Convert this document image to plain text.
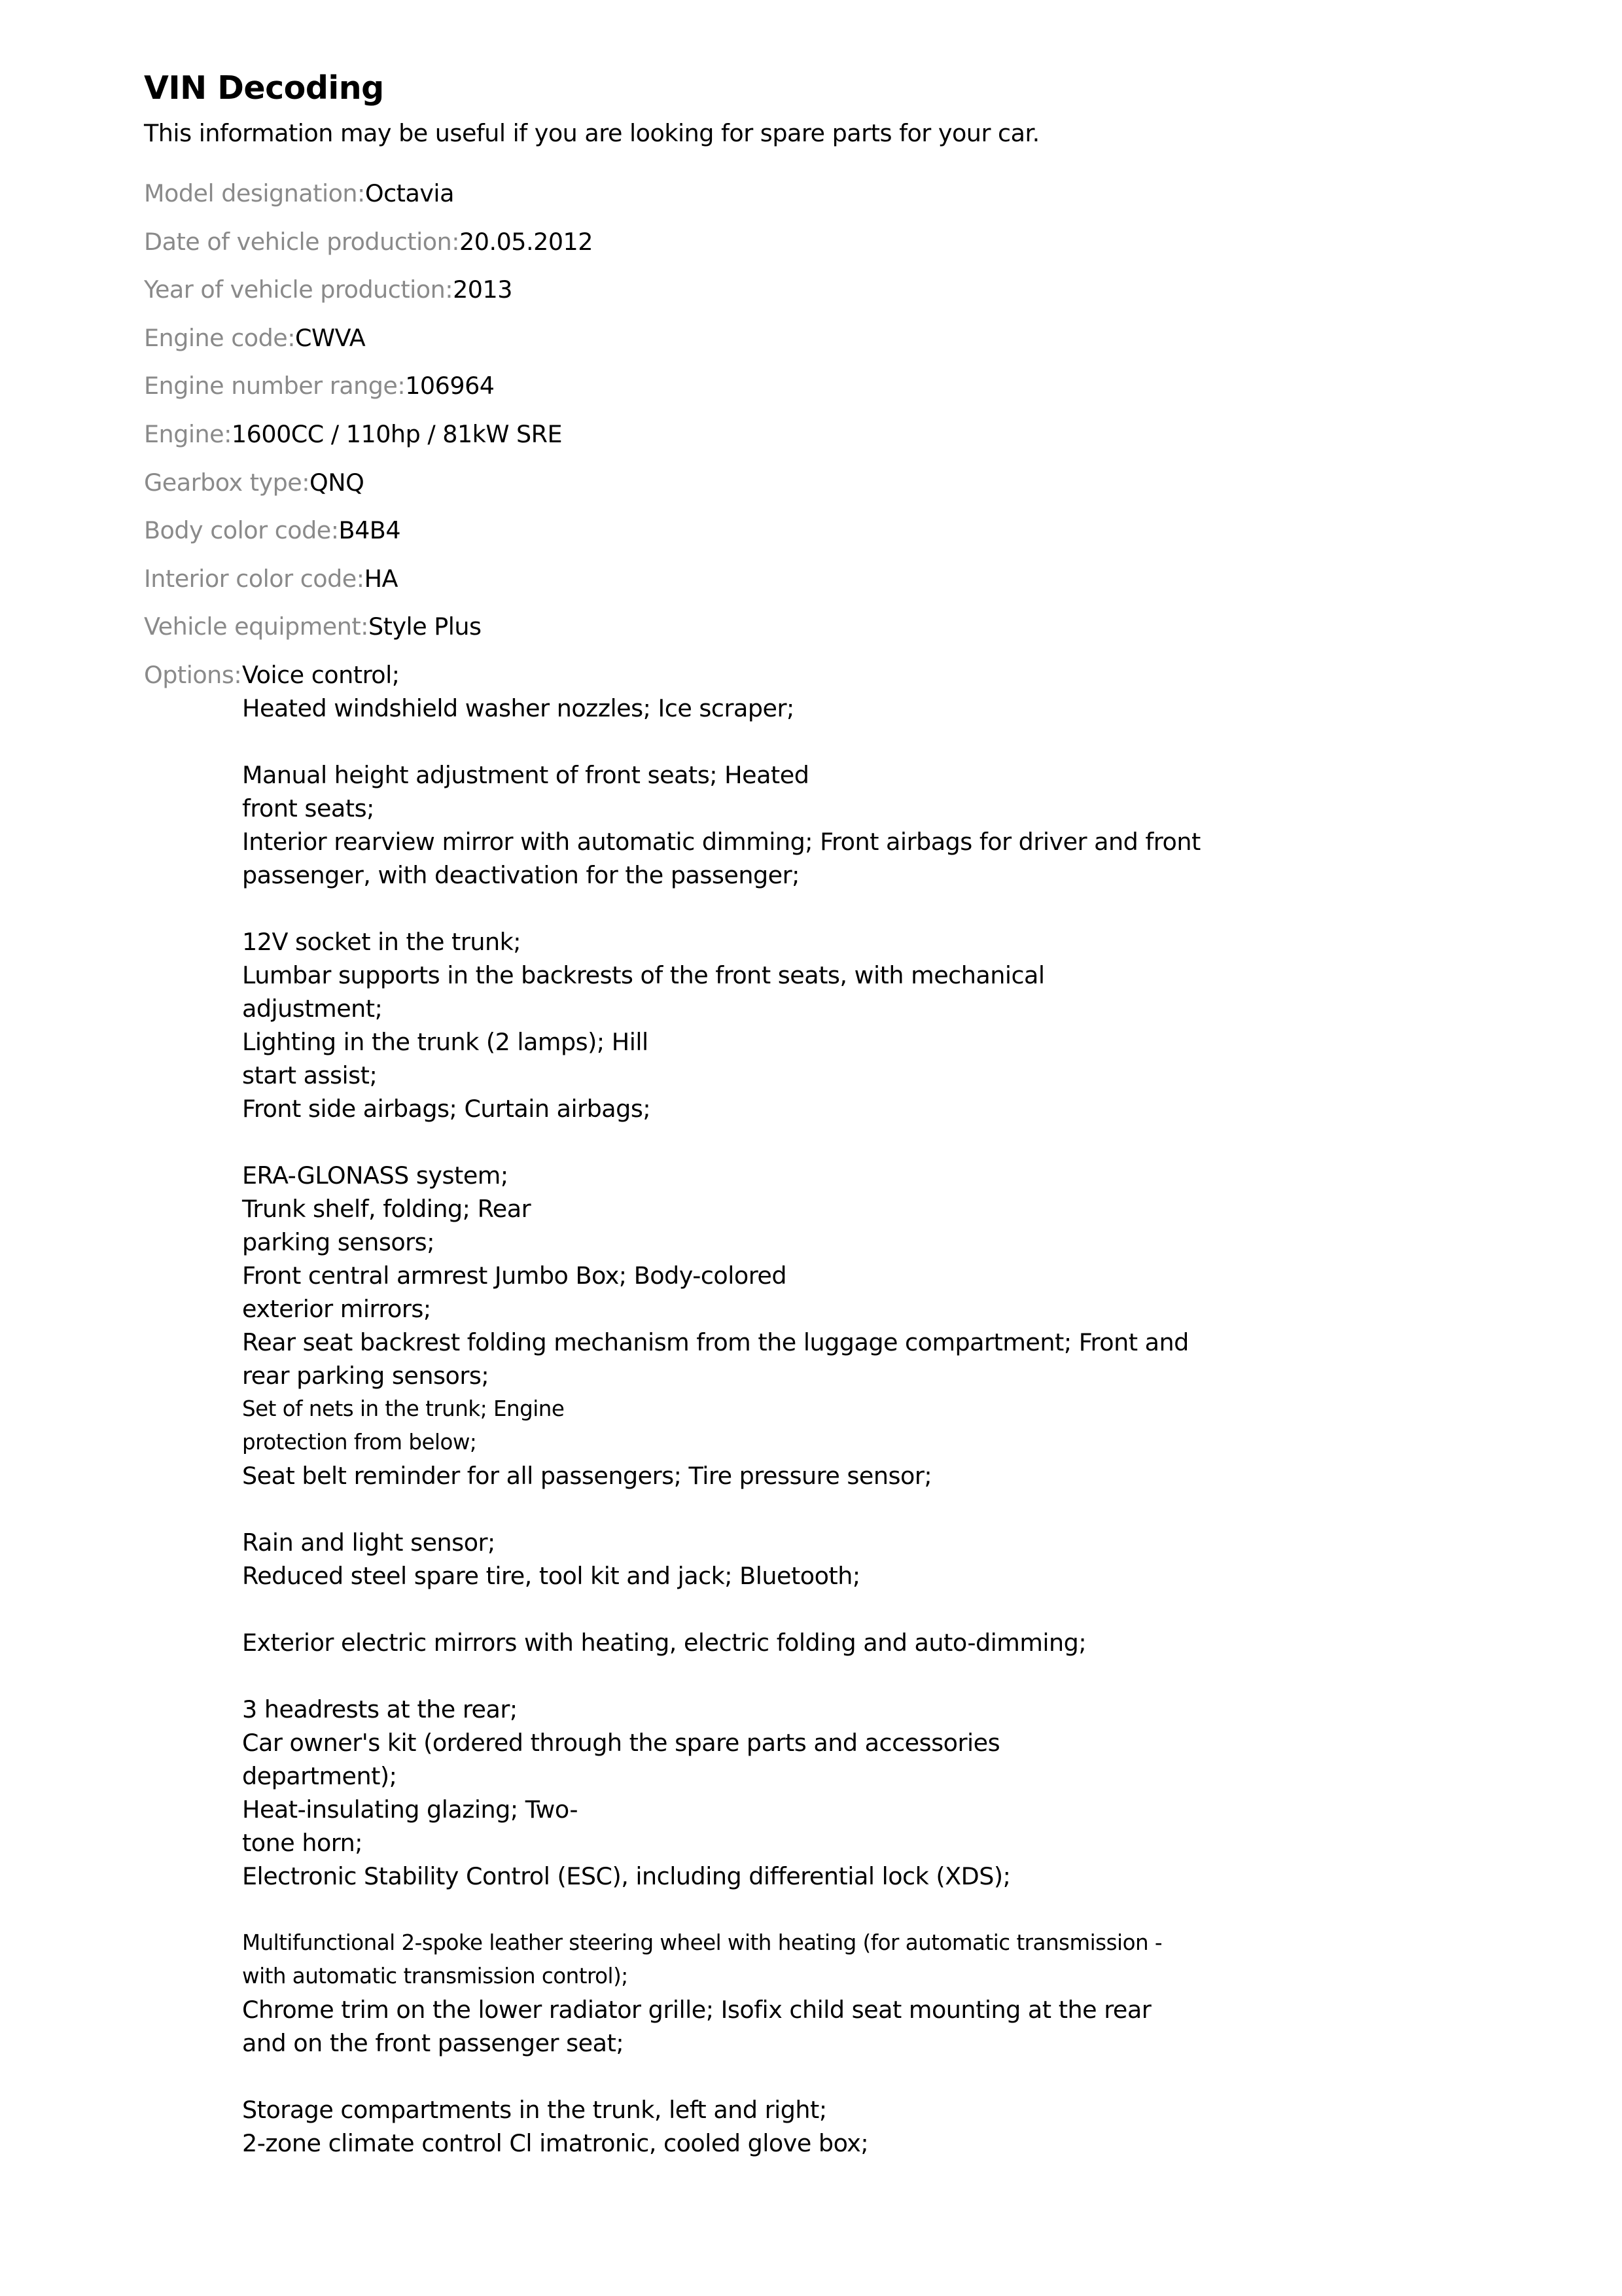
VIN Decoding
This information may be useful if you are looking for spare parts for your car.
Model designation:Octavia
Date of vehicle production:20.05.2012
Year of vehicle production:2013
Engine code:CWVA
Engine number range:106964
Engine:1600CC / 110hp / 81kW SRE
Gearbox type:QNQ
Body color code:B4B4
Interior color code:HA
Vehicle equipment:Style Plus
Options: Voice control;
Heated windshield washer nozzles; Ice scraper;
Manual height adjustment of front seats; Heated
front seats;
Interior rearview mirror with automatic dimming; Front airbags for driver and front
passenger, with deactivation for the passenger;
12V socket in the trunk;
Lumbar supports in the backrests of the front seats, with mechanical
adjustment;
Lighting in the trunk (2 lamps); Hill
start assist;
Front side airbags; Curtain airbags;
ERA-GLONASS system;
Trunk shelf, folding; Rear
parking sensors;
Front central armrest Jumbo Box; Body-colored
exterior mirrors;
Rear seat backrest folding mechanism from the luggage compartment; Front and
rear parking sensors;
Set of nets in the trunk; Engine
protection from below;
Seat belt reminder for all passengers; Tire pressure sensor;
Rain and light sensor;
Reduced steel spare tire, tool kit and jack; Bluetooth;
Exterior electric mirrors with heating, electric folding and auto-dimming;
3 headrests at the rear;
Car owner's kit (ordered through the spare parts and accessories
department);
Heat-insulating glazing; Two-
tone horn;
Electronic Stability Control (ESC), including differential lock (XDS);
Multifunctional 2-spoke leather steering wheel with heating (for automatic transmission -
with automatic transmission control);
Chrome trim on the lower radiator grille; Isofix child seat mounting at the rear
and on the front passenger seat;
Storage compartments in the trunk, left and right;
2-zone climate control Cl imatronic, cooled glove box;
